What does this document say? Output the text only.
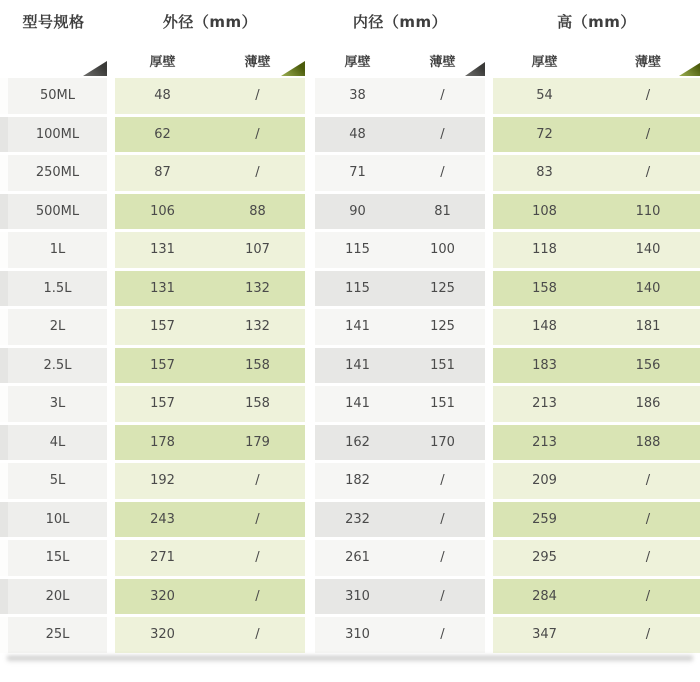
型号规格	外径（mm）	内径（mm）	高（mm）
厚壁	薄壁	厚壁	薄壁	厚壁	薄壁
50ML	48	/	38	/	54	/
100ML	62	/	48	/	72	/
250ML	87	/	71	/	83	/
500ML	106	88	90	81	108	110
1L	131	107	115	100	118	140
1.5L	131	132	115	125	158	140
2L	157	132	141	125	148	181
2.5L	157	158	141	151	183	156
3L	157	158	141	151	213	186
4L	178	179	162	170	213	188
5L	192	/	182	/	209	/
10L	243	/	232	/	259	/
15L	271	/	261	/	295	/
20L	320	/	310	/	284	/
25L	320	/	310	/	347	/
